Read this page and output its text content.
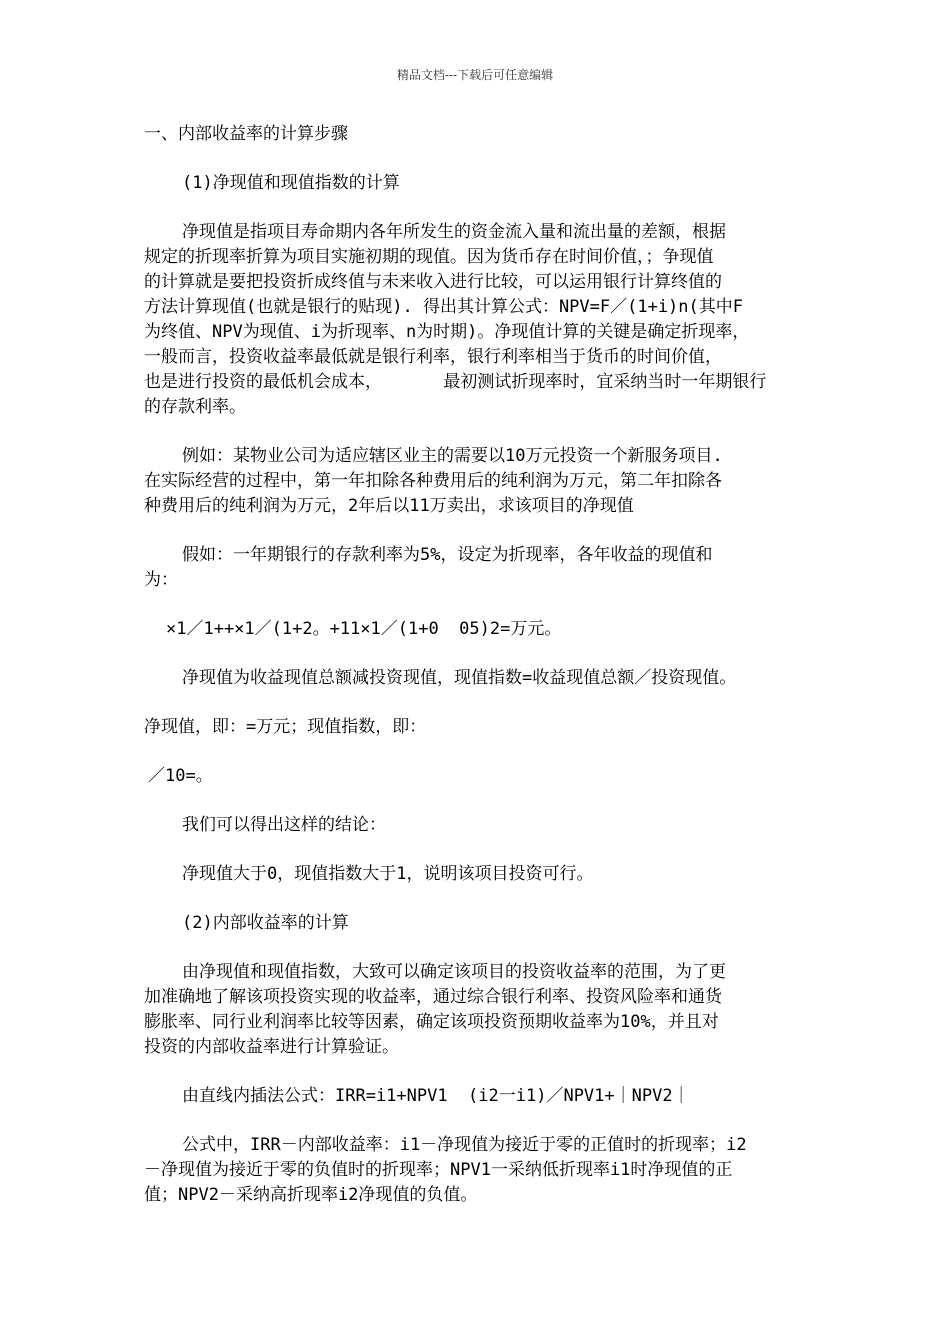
精品文档---下载后可任意编辑
一、内部收益率的计算步骤
(1)净现值和现值指数的计算
净现值是指项目寿命期内各年所发生的资金流入量和流出量的差额，根据
规定的折现率折算为项目实施初期的现值。因为货币存在时间价值，；争现值
的计算就是要把投资折成终值与未来收入进行比较，可以运用银行计算终值的
方法计算现值(也就是银行的贴现). 得出其计算公式：NPV=F／(1+i)n(其中F
为终值、NPV为现值、i为折现率、n为时期)。净现值计算的关键是确定折现率，
一般而言，投资收益率最低就是银行利率，银行利率相当于货币的时间价值，
也是进行投资的最低机会成本，      最初测试折现率时，宜采纳当时一年期银行
的存款利率。
例如：某物业公司为适应辖区业主的需要以10万元投资一个新服务项目.
在实际经营的过程中，第一年扣除各种费用后的纯利润为万元，第二年扣除各
种费用后的纯利润为万元，2年后以11万卖出，求该项目的净现值
假如：一年期银行的存款利率为5%，设定为折现率，各年收益的现值和
为：
×1／1++×1／(1+2。+11×1／(1+0  05)2=万元。
净现值为收益现值总额减投资现值，现值指数=收益现值总额／投资现值。
净现值，即：=万元；现值指数，即：
／10=。
我们可以得出这样的结论：
净现值大于0，现值指数大于1，说明该项目投资可行。
(2)内部收益率的计算
由净现值和现值指数，大致可以确定该项目的投资收益率的范围，为了更
加准确地了解该项投资实现的收益率，通过综合银行利率、投资风险率和通货
膨胀率、同行业利润率比较等因素，确定该项投资预期收益率为10%，并且对
投资的内部收益率进行计算验证。
由直线内插法公式：IRR=i1+NPV1  (i2一i1)／NPV1+｜NPV2｜
公式中，IRR－内部收益率：i1－净现值为接近于零的正值时的折现率；i2
－净现值为接近于零的负值时的折现率；NPV1一采纳低折现率i1时净现值的正
值；NPV2－采纳高折现率i2净现值的负值。
